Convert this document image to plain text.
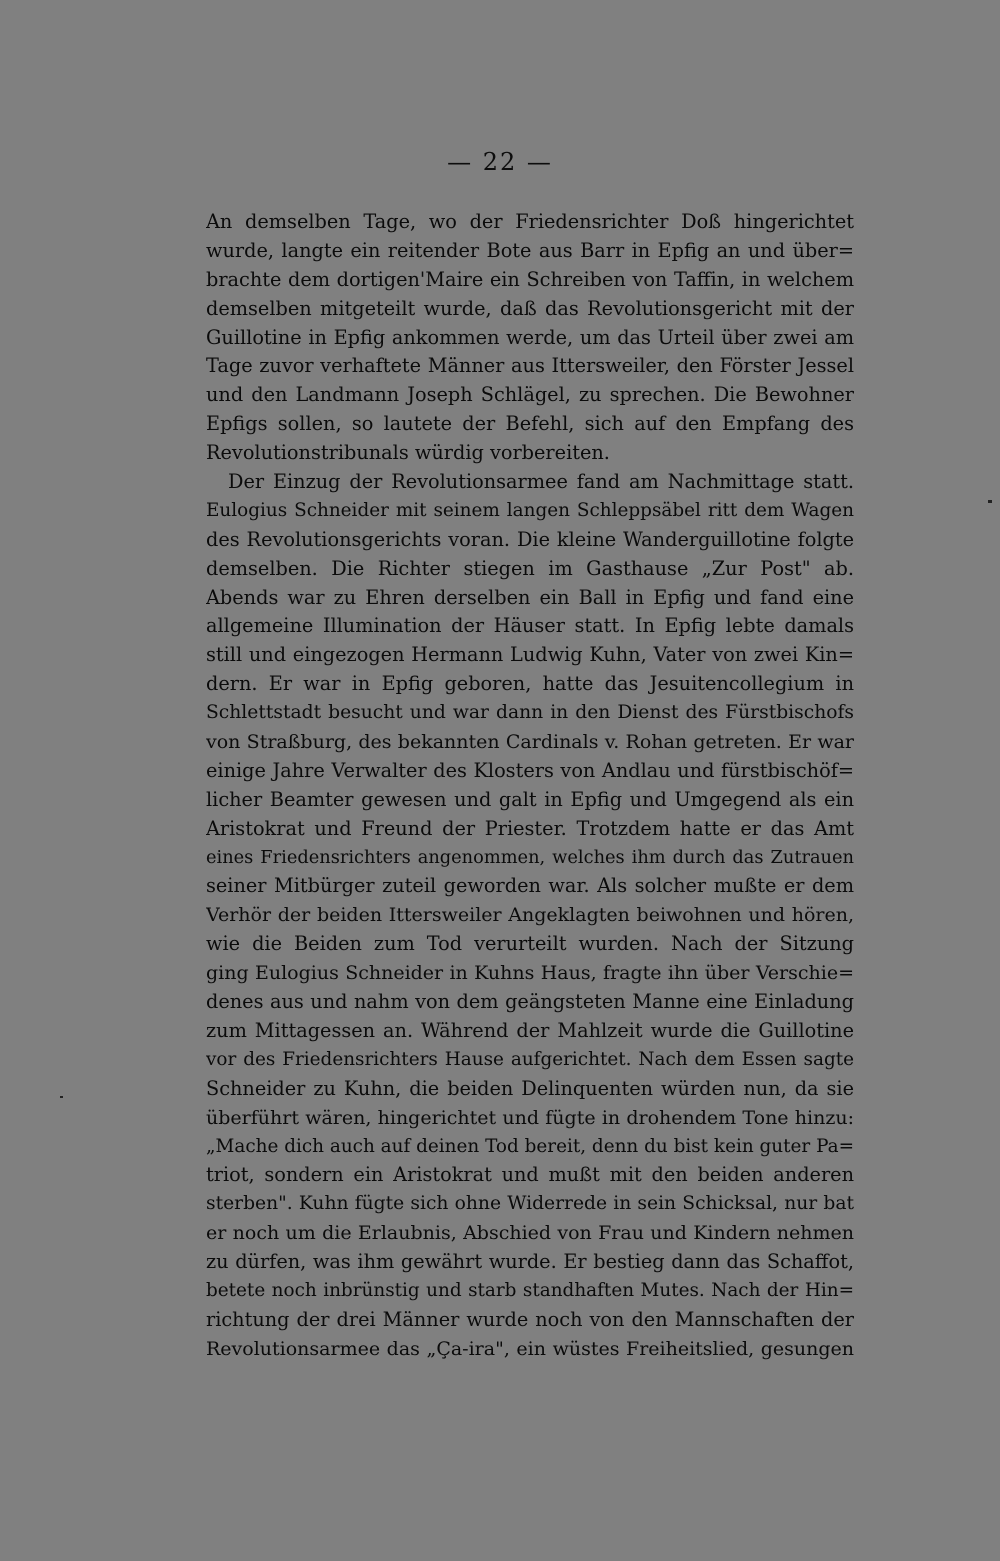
— 22 —
An demselben Tage, wo der Friedensrichter Doß hingerichtet
wurde, langte ein reitender Bote aus Barr in Epfig an und über=
brachte dem dortigen'Maire ein Schreiben von Taffin, in welchem
demselben mitgeteilt wurde, daß das Revolutionsgericht mit der
Guillotine in Epfig ankommen werde, um das Urteil über zwei am
Tage zuvor verhaftete Männer aus Ittersweiler, den Förster Jessel
und den Landmann Joseph Schlägel, zu sprechen. Die Bewohner
Epfigs sollen, so lautete der Befehl, sich auf den Empfang des
Revolutionstribunals würdig vorbereiten.
Der Einzug der Revolutionsarmee fand am Nachmittage statt.
Eulogius Schneider mit seinem langen Schleppsäbel ritt dem Wagen
des Revolutionsgerichts voran. Die kleine Wanderguillotine folgte
demselben. Die Richter stiegen im Gasthause „Zur Post" ab.
Abends war zu Ehren derselben ein Ball in Epfig und fand eine
allgemeine Illumination der Häuser statt. In Epfig lebte damals
still und eingezogen Hermann Ludwig Kuhn, Vater von zwei Kin=
dern. Er war in Epfig geboren, hatte das Jesuitencollegium in
Schlettstadt besucht und war dann in den Dienst des Fürstbischofs
von Straßburg, des bekannten Cardinals v. Rohan getreten. Er war
einige Jahre Verwalter des Klosters von Andlau und fürstbischöf=
licher Beamter gewesen und galt in Epfig und Umgegend als ein
Aristokrat und Freund der Priester. Trotzdem hatte er das Amt
eines Friedensrichters angenommen, welches ihm durch das Zutrauen
seiner Mitbürger zuteil geworden war. Als solcher mußte er dem
Verhör der beiden Ittersweiler Angeklagten beiwohnen und hören,
wie die Beiden zum Tod verurteilt wurden. Nach der Sitzung
ging Eulogius Schneider in Kuhns Haus, fragte ihn über Verschie=
denes aus und nahm von dem geängsteten Manne eine Einladung
zum Mittagessen an. Während der Mahlzeit wurde die Guillotine
vor des Friedensrichters Hause aufgerichtet. Nach dem Essen sagte
Schneider zu Kuhn, die beiden Delinquenten würden nun, da sie
überführt wären, hingerichtet und fügte in drohendem Tone hinzu:
„Mache dich auch auf deinen Tod bereit, denn du bist kein guter Pa=
triot, sondern ein Aristokrat und mußt mit den beiden anderen
sterben". Kuhn fügte sich ohne Widerrede in sein Schicksal, nur bat
er noch um die Erlaubnis, Abschied von Frau und Kindern nehmen
zu dürfen, was ihm gewährt wurde. Er bestieg dann das Schaffot,
betete noch inbrünstig und starb standhaften Mutes. Nach der Hin=
richtung der drei Männer wurde noch von den Mannschaften der
Revolutionsarmee das „Ça-ira", ein wüstes Freiheitslied, gesungen
